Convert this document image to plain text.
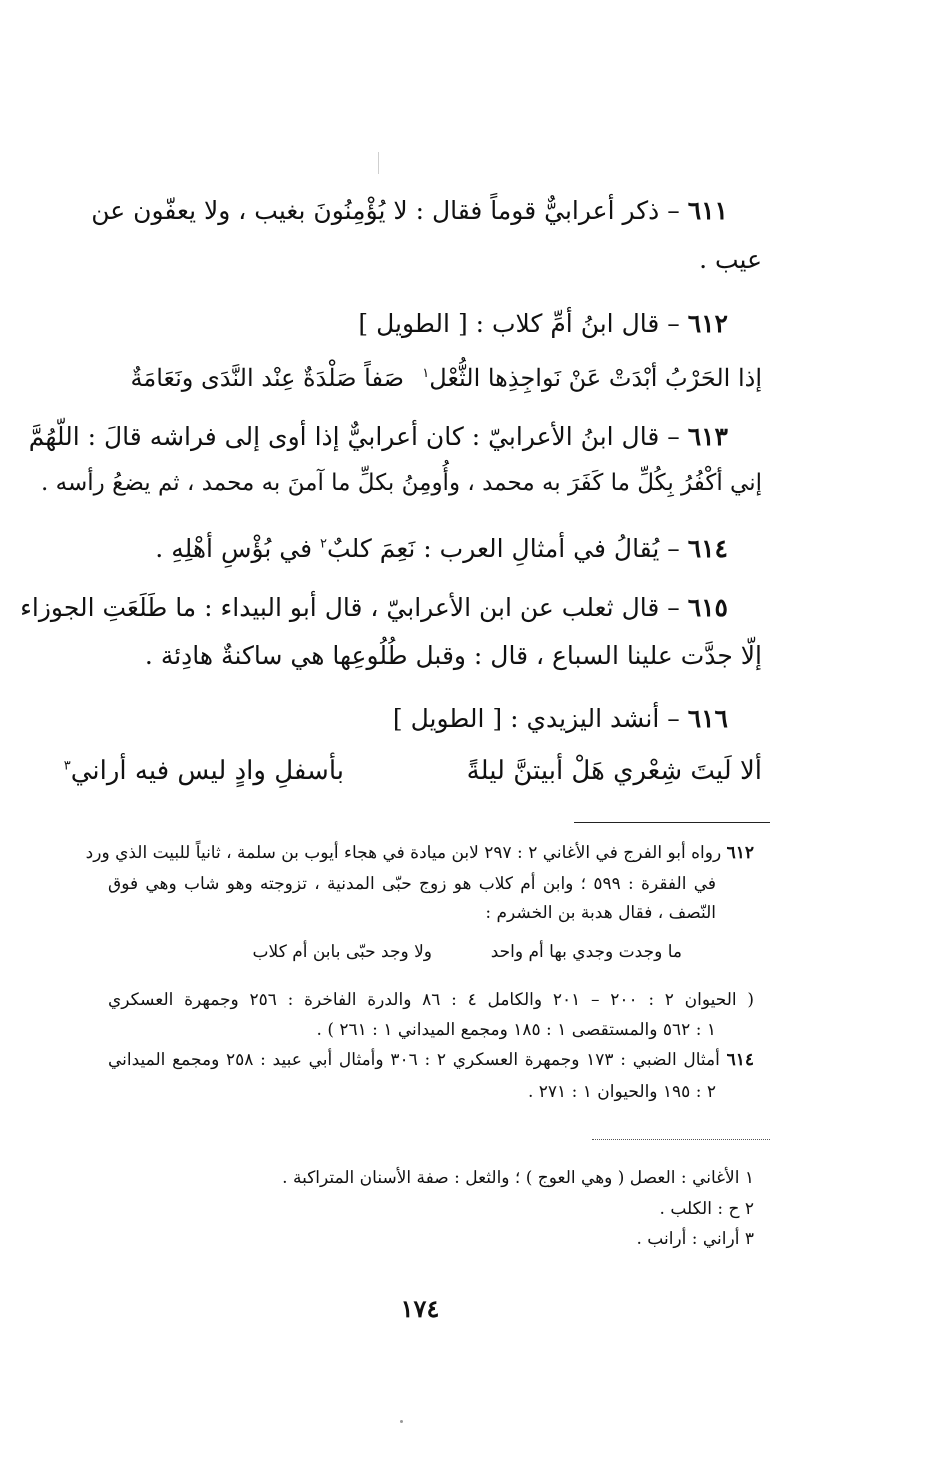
٦١١ – ذكر أعرابيٌّ قوماً فقال : لا يُؤْمِنُونَ بغيب ، ولا يعفّون عن
عيب .
٦١٢ – قال ابنُ أمِّ كلاب : [ الطويل ]
إذا الحَرْبُ أبْدَتْ عَنْ نَواجِذِها الثُّعْل$^١$
صَفاً صَلْدَةٌ عِنْد النَّدَى ونَعَامَةٌ
٦١٣ – قال ابنُ الأعرابيّ : كان أعرابيٌّ إذا أوى إلى فراشه قالَ : اللّهُمَّ
إني أكْفُرُ بِكُلِّ ما كَفَرَ به محمد ، وأُومِنُ بكلِّ ما آمنَ به محمد ، ثم يضعُ رأسه .
٦١٤ – يُقالُ في أمثالِ العرب : نَعِمَ كلبٌ$^٢$ في بُؤْسِ أهْلِهِ .
٦١٥ – قال ثعلب عن ابن الأعرابيّ ، قال أبو البيداء : ما طَلَعَتِ الجوزاء
إلّا جدَّت علينا السباع ، قال : وقبل طُلُوعِها هي ساكنةٌ هادِئة .
٦١٦ – أنشد اليزيدي : [ الطويل ]
ألا لَيتَ شِعْري هَلْ أبيتنَّ ليلةً
بأسفلِ وادٍ ليس فيه أراني$^٣$
٦١٢ رواه أبو الفرج في الأغاني ٢ : ٢٩٧ لابن ميادة في هجاء أيوب بن سلمة ، ثانياً للبيت الذي ورد
في الفقرة : ٥٩٩ ؛ وابن أم كلاب هو زوج حبّى المدنية ، تزوجته وهو شاب وهي فوق
النّصف ، فقال هدبة بن الخشرم :
ما وجدت وجدي بها أم واحد
ولا وجد حبّى بابن أم كلاب
( الحيوان ٢ : ٢٠٠ – ٢٠١ والكامل ٤ : ٨٦ والدرة الفاخرة : ٢٥٦ وجمهرة العسكري
١ : ٥٦٢ والمستقصى ١ : ١٨٥ ومجمع الميداني ١ : ٢٦١ ) .
٦١٤ أمثال الضبي : ١٧٣ وجمهرة العسكري ٢ : ٣٠٦ وأمثال أبي عبيد : ٢٥٨ ومجمع الميداني
٢ : ١٩٥ والحيوان ١ : ٢٧١ .
١ الأغاني : العصل ( وهي العوج ) ؛ والثعل : صفة الأسنان المتراكبة .
٢ ح : الكلب .
٣ أراني : أرانب .
١٧٤
